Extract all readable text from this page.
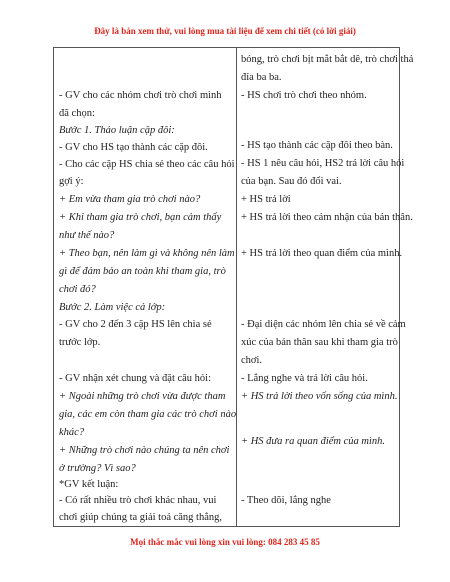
Đây là bản xem thử, vui lòng mua tài liệu để xem chi tiết (có lời giải)
bóng, trò chơi bịt mắt bắt dê, trò chơi thả
đỉa ba ba.
- HS chơi trò chơi theo nhóm.
- HS tạo thành các cặp đôi theo bàn.
- HS 1 nêu câu hỏi, HS2 trả lời câu hỏi
của bạn. Sau đó đổi vai.
+ HS trả lời
+ HS trả lời theo cảm nhận của bản thân.
+ HS trả lời theo quan điểm của mình.
- Đại diện các nhóm lên chia sẻ về cảm
xúc của bản thân sau khi tham gia trò
chơi.
- Lắng nghe và trả lời câu hỏi.
+ HS trả lời theo vốn sống của mình.
+ HS đưa ra quan điểm của mình.
- Theo dõi, lắng nghe
- GV cho các nhóm chơi trò chơi mình
đã chọn:
Bước 1. Thảo luận cặp đôi:
- GV cho HS tạo thành các cặp đôi.
- Cho các cặp HS chia sẻ theo các câu hỏi
gợi ý:
+ Em vừa tham gia trò chơi nào?
+ Khi tham gia trò chơi, bạn cảm thấy
như thế nào?
+ Theo bạn, nên làm gì và không nên làm
gì để đảm bảo an toàn khi tham gia, trò
chơi đó?
Bước 2. Làm việc cả lớp:
- GV cho 2 đến 3 cặp HS lên chia sẻ
trước lớp.
- GV nhận xét chung và đặt câu hỏi:
+ Ngoài những trò chơi vừa được tham
gia, các em còn tham gia các trò chơi nào
khác?
+ Những trò chơi nào chúng ta nên chơi
ở trường? Vì sao?
*GV kết luận:
- Có rất nhiều trò chơi khác nhau, vui
chơi giúp chúng ta giải toả căng thẳng,
Mọi thắc mắc vui lòng xin vui lòng: 084 283 45 85
